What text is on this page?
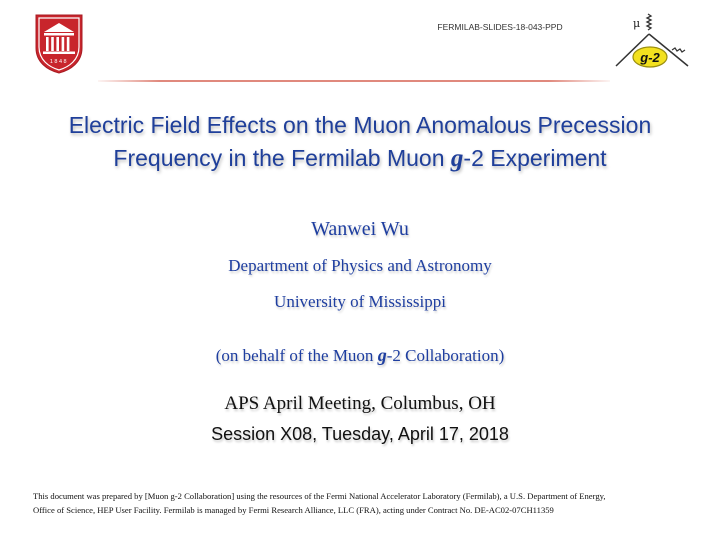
1848
FERMILAB-SLIDES-18-043-PPD	μ
g-2
Electric Field Effects on the Muon Anomalous Precession
Frequency in the Fermilab Muon g-2 Experiment
Wanwei Wu
Department of Physics and Astronomy
University of Mississippi
(on behalf of the Muon g-2 Collaboration)
APS April Meeting, Columbus, OH
Session X08, Tuesday, April 17, 2018
This document was prepared by [Muon g-2 Collaboration] using the resources of the Fermi National Accelerator Laboratory (Fermilab), a U.S. Department of Energy,
Office of Science, HEP User Facility. Fermilab is managed by Fermi Research Alliance, LLC (FRA), acting under Contract No. DE-AC02-07CH11359
